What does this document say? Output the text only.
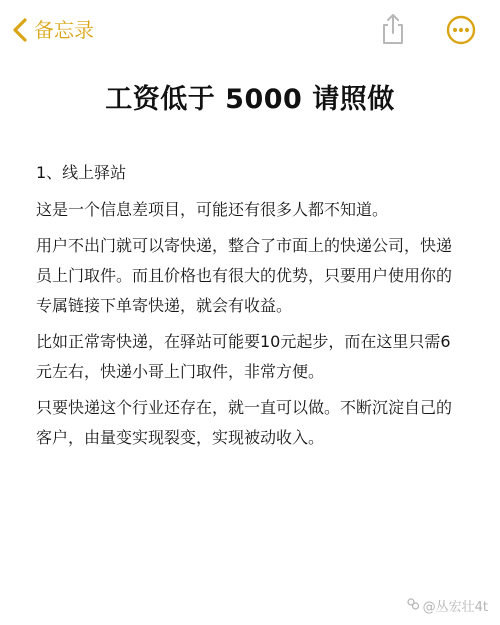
备忘录
工资低于 5000 请照做

1、线上驿站

这是一个信息差项目，可能还有很多人都不知道。

用户不出门就可以寄快递，整合了市面上的快递公司，快递员上门取件。而且价格也有很大的优势，只要用户使用你的专属链接下单寄快递，就会有收益。

比如正常寄快递，在驿站可能要10元起步，而在这里只需6元左右，快递小哥上门取件，非常方便。

只要快递这个行业还存在，就一直可以做。不断沉淀自己的客户，由量变实现裂变，实现被动收入。

@丛宏壮4t
